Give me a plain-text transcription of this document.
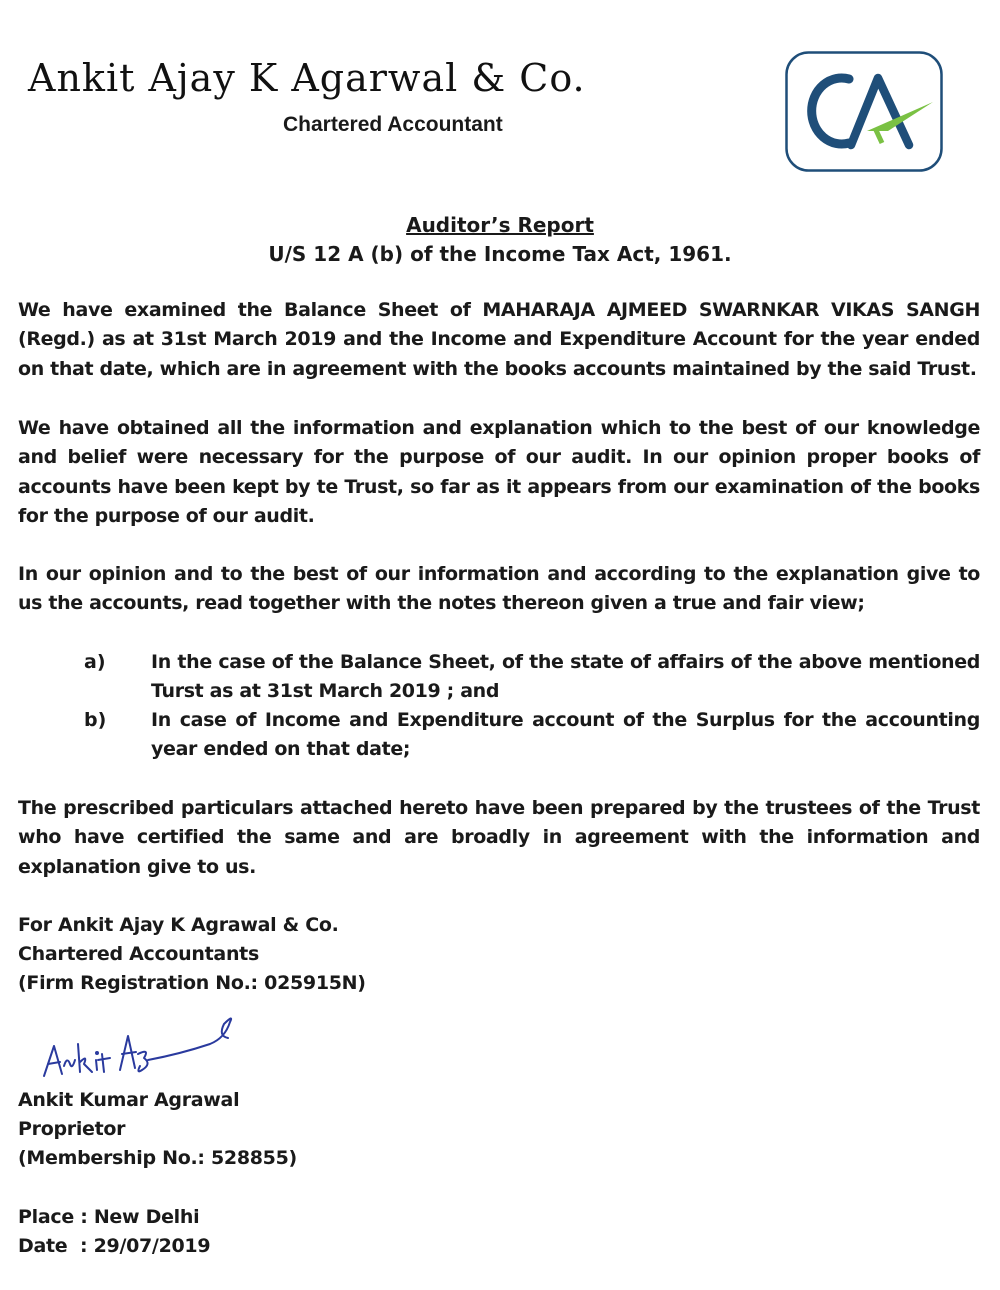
Ankit Ajay K Agarwal & Co.
Chartered Accountant
Auditor’s Report
U/S 12 A (b) of the Income Tax Act, 1961.

We have examined the Balance Sheet of MAHARAJA AJMEED SWARNKAR VIKAS SANGH (Regd.) as at 31st March 2019 and the Income and Expenditure Account for the year ended on that date, which are in agreement with the books accounts maintained by the said Trust.

We have obtained all the information and explanation which to the best of our knowledge and belief were necessary for the purpose of our audit. In our opinion proper books of accounts have been kept by te Trust, so far as it appears from our examination of the books for the purpose of our audit.

In our opinion and to the best of our information and according to the explanation give to us the accounts, read together with the notes thereon given a true and fair view;

a) In the case of the Balance Sheet, of the state of affairs of the above mentioned Turst as at 31st March 2019 ; and

b) In case of Income and Expenditure account of the Surplus for the accounting year ended on that date;

The prescribed particulars attached hereto have been prepared by the trustees of the Trust who have certified the same and are broadly in agreement with the information and explanation give to us.

For Ankit Ajay K Agrawal & Co.
Chartered Accountants
(Firm Registration No.: 025915N)
Ankit Kumar Agrawal
Proprietor
(Membership No.: 528855)
Place : New Delhi
Date  : 29/07/2019
